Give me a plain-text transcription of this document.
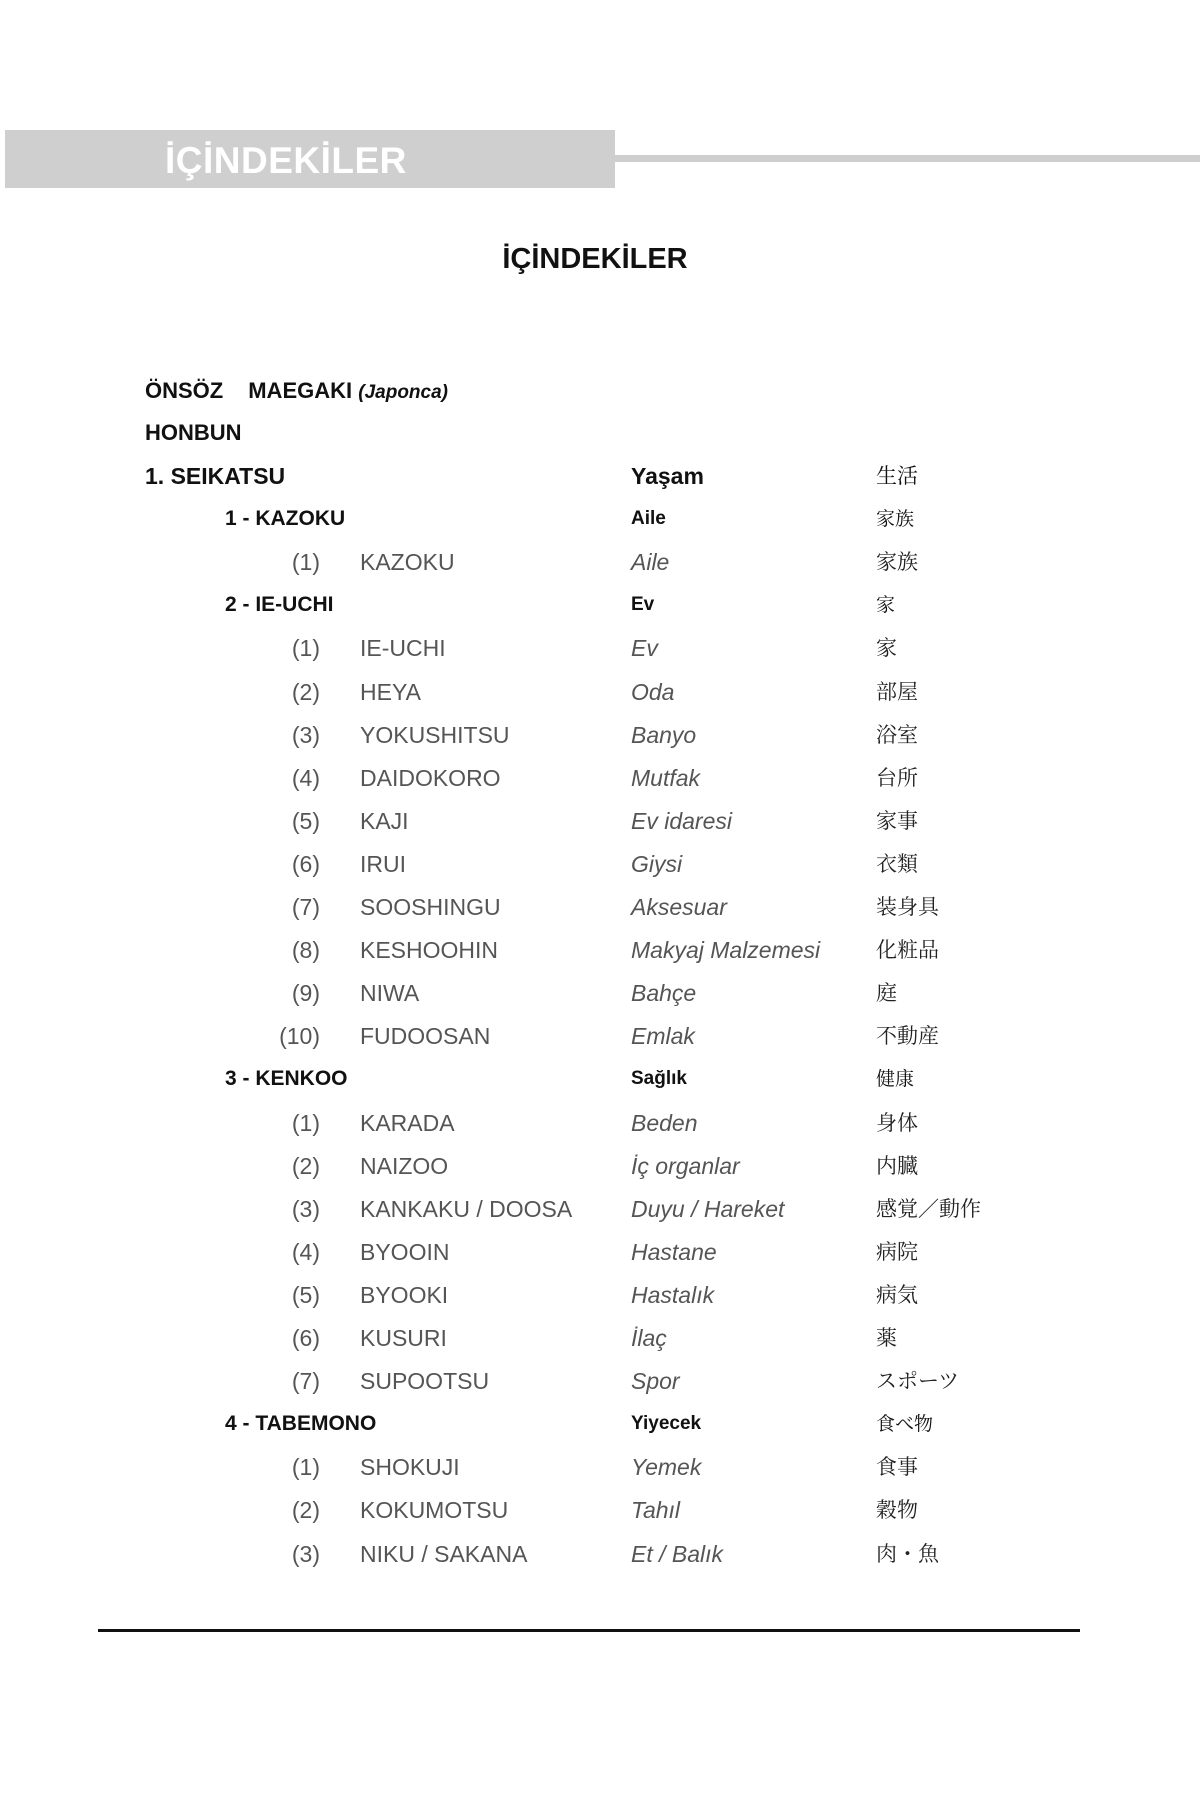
İÇİNDEKİLER
İÇİNDEKİLER
ÖNSÖZ MAEGAKI (Japonca)
HONBUN
1. SEIKATSU	Yaşam	生活
1 - KAZOKU	Aile	家族
(1) KAZOKU	Aile	家族
2 - IE-UCHI	Ev	家
(1) IE-UCHI	Ev	家
(2) HEYA	Oda	部屋
(3) YOKUSHITSU	Banyo	浴室
(4) DAIDOKORO	Mutfak	台所
(5) KAJI	Ev idaresi	家事
(6) IRUI	Giysi	衣類
(7) SOOSHINGU	Aksesuar	装身具
(8) KESHOOHIN	Makyaj Malzemesi	化粧品
(9) NIWA	Bahçe	庭
(10) FUDOOSAN	Emlak	不動産
3 - KENKOO	Sağlık	健康
(1) KARADA	Beden	身体
(2) NAIZOO	İç organlar	内臓
(3) KANKAKU / DOOSA	Duyu / Hareket	感覚／動作
(4) BYOOIN	Hastane	病院
(5) BYOOKI	Hastalık	病気
(6) KUSURI	İlaç	薬
(7) SUPOOTSU	Spor	スポーツ
4 - TABEMONO	Yiyecek	食べ物
(1) SHOKUJI	Yemek	食事
(2) KOKUMOTSU	Tahıl	穀物
(3) NIKU / SAKANA	Et / Balık	肉・魚
